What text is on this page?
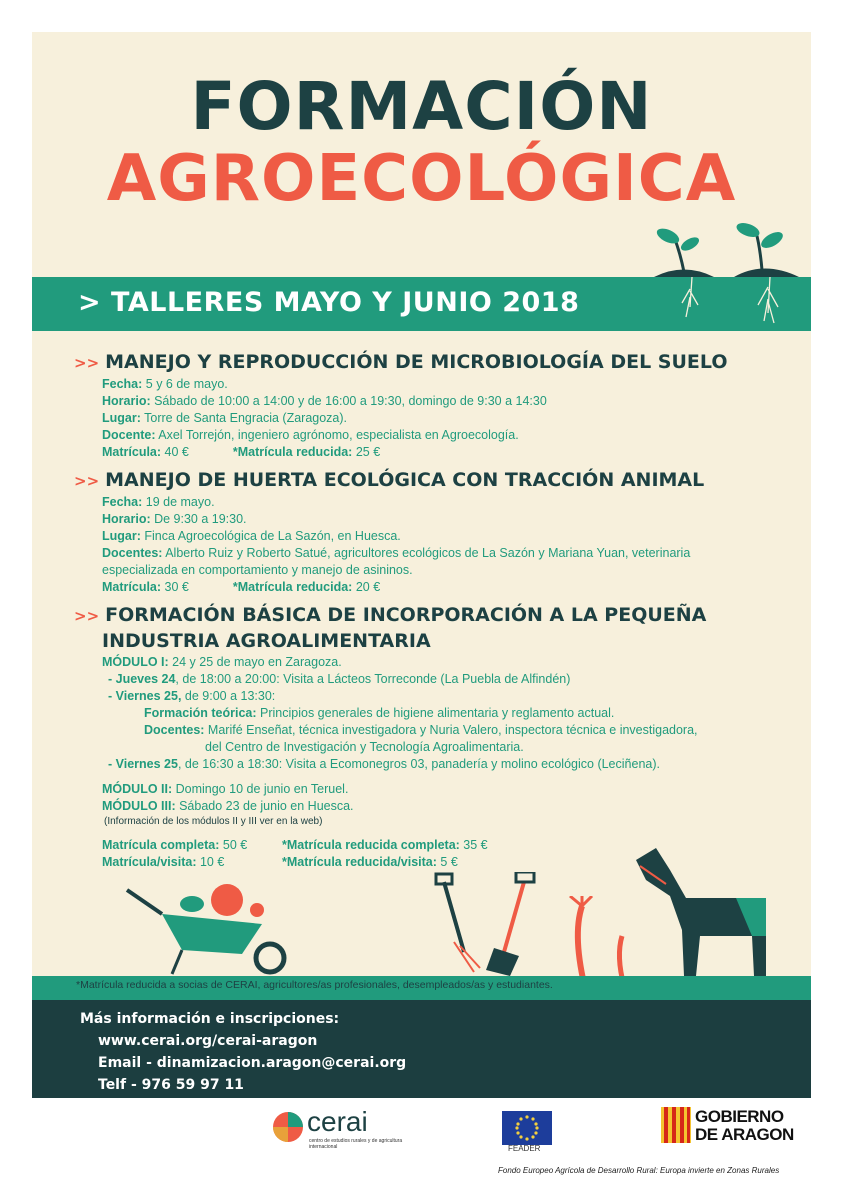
FORMACIÓN
AGROECOLÓGICA
> TALLERES MAYO Y JUNIO 2018
>> MANEJO Y REPRODUCCIÓN DE MICROBIOLOGÍA DEL SUELO
Fecha: 5 y 6 de mayo.
Horario: Sábado de 10:00 a 14:00 y de 16:00 a 19:30, domingo de 9:30 a 14:30
Lugar: Torre de Santa Engracia (Zaragoza).
Docente: Axel Torrejón, ingeniero agrónomo, especialista en Agroecología.
Matrícula: 40 €	*Matrícula reducida: 25 €
>> MANEJO DE HUERTA ECOLÓGICA CON TRACCIÓN ANIMAL
Fecha: 19 de mayo.
Horario: De 9:30 a 19:30.
Lugar: Finca Agroecológica de La Sazón, en Huesca.
Docentes: Alberto Ruiz y Roberto Satué, agricultores ecológicos de La Sazón y Mariana Yuan, veterinaria
especializada en comportamiento y manejo de asininos.
Matrícula: 30 €	*Matrícula reducida: 20 €
>> FORMACIÓN BÁSICA DE INCORPORACIÓN A LA PEQUEÑA
INDUSTRIA AGROALIMENTARIA
MÓDULO I: 24 y 25 de mayo en Zaragoza.
- Jueves 24, de 18:00 a 20:00: Visita a Lácteos Torreconde (La Puebla de Alfindén)
- Viernes 25, de 9:00 a 13:30:
Formación teórica: Principios generales de higiene alimentaria y reglamento actual.
Docentes: Marifé Enseñat, técnica investigadora y Nuria Valero, inspectora técnica e investigadora,
del Centro de Investigación y Tecnología Agroalimentaria.
- Viernes 25, de 16:30 a 18:30: Visita a Ecomonegros 03, panadería y molino ecológico (Leciñena).
MÓDULO II: Domingo 10 de junio en Teruel.
MÓDULO III: Sábado 23 de junio en Huesca.
(Información de los módulos II y III ver en la web)
Matrícula completa: 50 €	*Matrícula reducida completa: 35 €
Matrícula/visita: 10 €	*Matrícula reducida/visita: 5 €
*Matrícula reducida a socias de CERAI, agricultores/as profesionales, desempleados/as y estudiantes.
Más información e inscripciones:
www.cerai.org/cerai-aragon
Email - dinamizacion.aragon@cerai.org
Telf - 976 59 97 11
cerai
centro de estudios rurales y de agricultura internacional	FEADER
GOBIERNO
DE ARAGON
Fondo Europeo Agrícola de Desarrollo Rural: Europa invierte en Zonas Rurales
